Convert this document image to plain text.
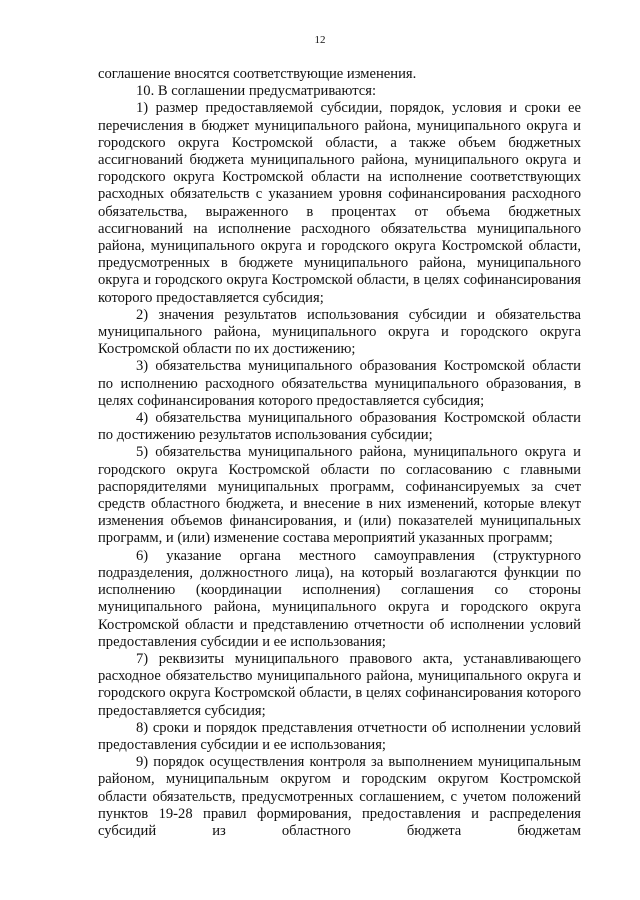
12

соглашение вносятся соответствующие изменения.

10. В соглашении предусматриваются:

1) размер предоставляемой субсидии, порядок, условия и сроки ее перечисления в бюджет муниципального района, муниципального округа и городского округа Костромской области, а также объем бюджетных ассигнований бюджета муниципального района, муниципального округа и городского округа Костромской области на исполнение соответствующих расходных обязательств с указанием уровня софинансирования расходного обязательства, выраженного в процентах от объема бюджетных ассигнований на исполнение расходного обязательства муниципального района, муниципального округа и городского округа Костромской области, предусмотренных в бюджете муниципального района, муниципального округа и городского округа Костромской области, в целях софинансирования которого предоставляется субсидия;

2) значения результатов использования субсидии и обязательства муниципального района, муниципального округа и городского округа Костромской области по их достижению;

3) обязательства муниципального образования Костромской области по исполнению расходного обязательства муниципального образования, в целях софинансирования которого предоставляется субсидия;

4) обязательства муниципального образования Костромской области по достижению результатов использования субсидии;

5) обязательства муниципального района, муниципального округа и городского округа Костромской области по согласованию с главными распорядителями муниципальных программ, софинансируемых за счет средств областного бюджета, и внесение в них изменений, которые влекут изменения объемов финансирования, и (или) показателей муниципальных программ, и (или) изменение состава мероприятий указанных программ;

6) указание органа местного самоуправления (структурного подразделения, должностного лица), на который возлагаются функции по исполнению (координации исполнения) соглашения со стороны муниципального района, муниципального округа и городского округа Костромской области и представлению отчетности об исполнении условий предоставления субсидии и ее использования;

7) реквизиты муниципального правового акта, устанавливающего расходное обязательство муниципального района, муниципального округа и городского округа Костромской области, в целях софинансирования которого предоставляется субсидия;

8) сроки и порядок представления отчетности об исполнении условий предоставления субсидии и ее использования;

9) порядок осуществления контроля за выполнением муниципальным районом, муниципальным округом и городским округом Костромской области обязательств, предусмотренных соглашением, с учетом положений пунктов 19-28 правил формирования, предоставления и распределения субсидий из областного бюджета бюджетам
